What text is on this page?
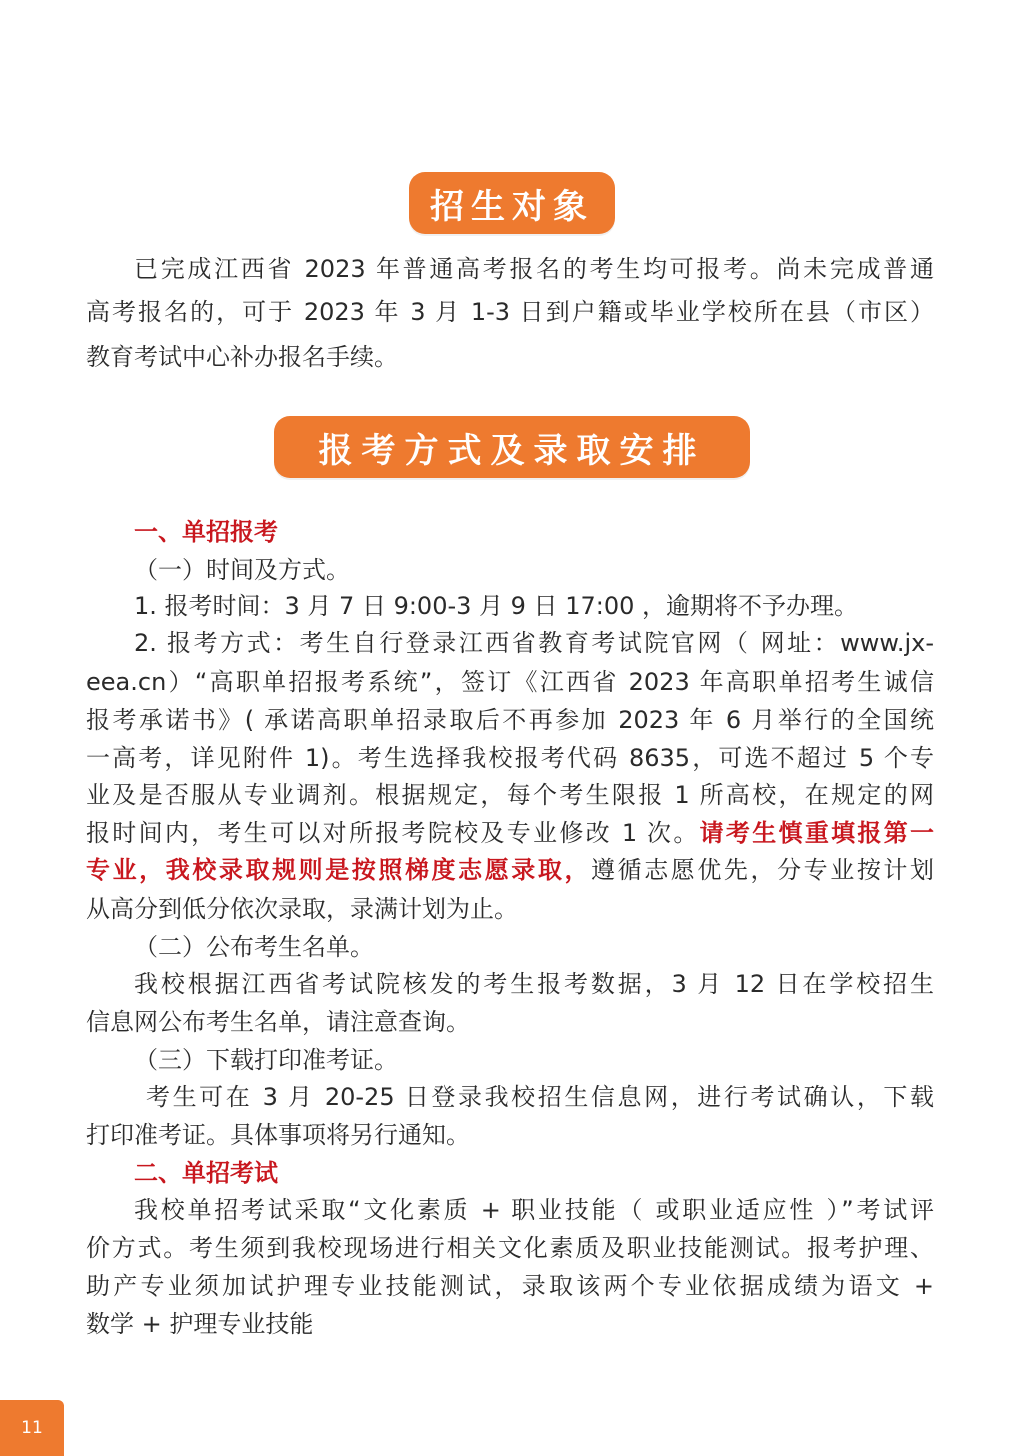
招生对象
已完成江西省 2023 年普通高考报名的考生均可报考。尚未完成普通
高考报名的，可于 2023 年 3 月 1-3 日到户籍或毕业学校所在县（市区）
教育考试中心补办报名手续。
报考方式及录取安排
一、单招报考
（一）时间及方式。
1. 报考时间：3 月 7 日 9:00-3 月 9 日 17:00 ，逾期将不予办理。
2. 报考方式：考生自行登录江西省教育考试院官网（ 网址：www.jx-
eea.cn）“高职单招报考系统”，签订《江西省 2023 年高职单招考生诚信
报考承诺书》( 承诺高职单招录取后不再参加 2023 年 6 月举行的全国统
一高考，详见附件 1)。考生选择我校报考代码 8635，可选不超过 5 个专
业及是否服从专业调剂。根据规定，每个考生限报 1 所高校，在规定的网
报时间内，考生可以对所报考院校及专业修改 1 次。请考生慎重填报第一
专业，我校录取规则是按照梯度志愿录取，遵循志愿优先，分专业按计划
从高分到低分依次录取，录满计划为止。
（二）公布考生名单。
我校根据江西省考试院核发的考生报考数据，3 月 12 日在学校招生
信息网公布考生名单，请注意查询。
（三）下载打印准考证。
考生可在 3 月 20-25 日登录我校招生信息网，进行考试确认，下载
打印准考证。具体事项将另行通知。
二、单招考试
我校单招考试采取“文化素质 + 职业技能（ 或职业适应性 ）”考试评
价方式。考生须到我校现场进行相关文化素质及职业技能测试。报考护理、
助产专业须加试护理专业技能测试，录取该两个专业依据成绩为语文 +
数学 + 护理专业技能
11
